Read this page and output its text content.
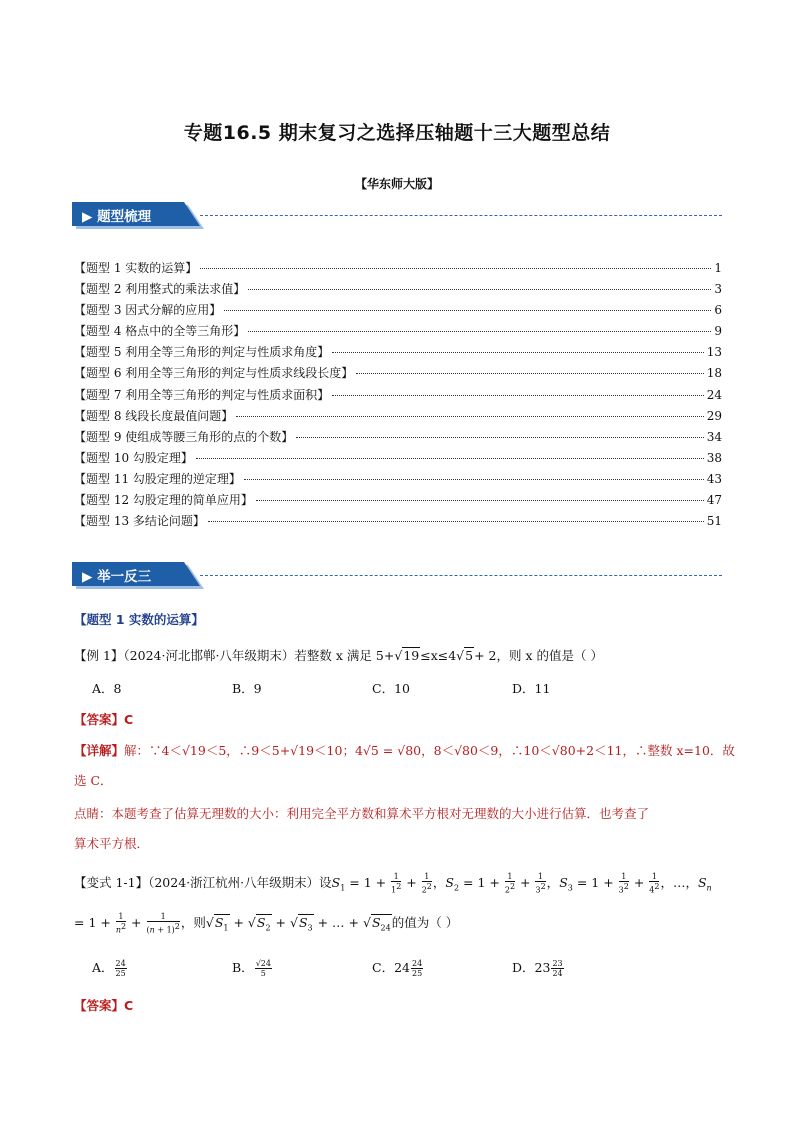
专题16.5 期末复习之选择压轴题十三大题型总结
【华东师大版】
▶ 题型梳理
【题型 1 实数的运算】	1
【题型 2 利用整式的乘法求值】	3
【题型 3 因式分解的应用】	6
【题型 4 格点中的全等三角形】	9
【题型 5 利用全等三角形的判定与性质求角度】	13
【题型 6 利用全等三角形的判定与性质求线段长度】	18
【题型 7 利用全等三角形的判定与性质求面积】	24
【题型 8 线段长度最值问题】	29
【题型 9 使组成等腰三角形的点的个数】	34
【题型 10 勾股定理】	38
【题型 11 勾股定理的逆定理】	43
【题型 12 勾股定理的简单应用】	47
【题型 13 多结论问题】	51
▶ 举一反三
【题型 1 实数的运算】
【例 1】（2024·河北邯郸·八年级期末）若整数 x 满足 5+√19≤x≤4√5+ 2，则 x 的值是（ ）
A．8	B．9	C．10	D．11
【答案】C
【详解】解：∵4＜√19＜5，∴9＜5+√19＜10；4√5 = √80，8＜√80＜9，∴10＜√80+2＜11，∴整数 x=10．故
选 C．
点睛：本题考查了估算无理数的大小：利用完全平方数和算术平方根对无理数的大小进行估算．也考查了
算术平方根．
【变式 1-1】（2024·浙江杭州·八年级期末）设$S_1 = 1 + \frac{1}{1^2} + \frac{1}{2^2}$ ，$S_2 = 1 + \frac{1}{2^2} + \frac{1}{3^2}$ ，$S_3 = 1 + \frac{1}{3^2} + \frac{1}{4^2}$ ，…，$S_n$
= $1 + \frac{1}{n^2} + \frac{1}{(n + 1)^2}$ ，则$√S_1 + √S_2 + √S_3$ + … + $√S_{24}$的值为（ ）
A． $\frac{24}{25}$	B． $\frac{√24}{5}$	C．$24 \frac{24}{25}$	D．$23 \frac{23}{24}$
【答案】C
